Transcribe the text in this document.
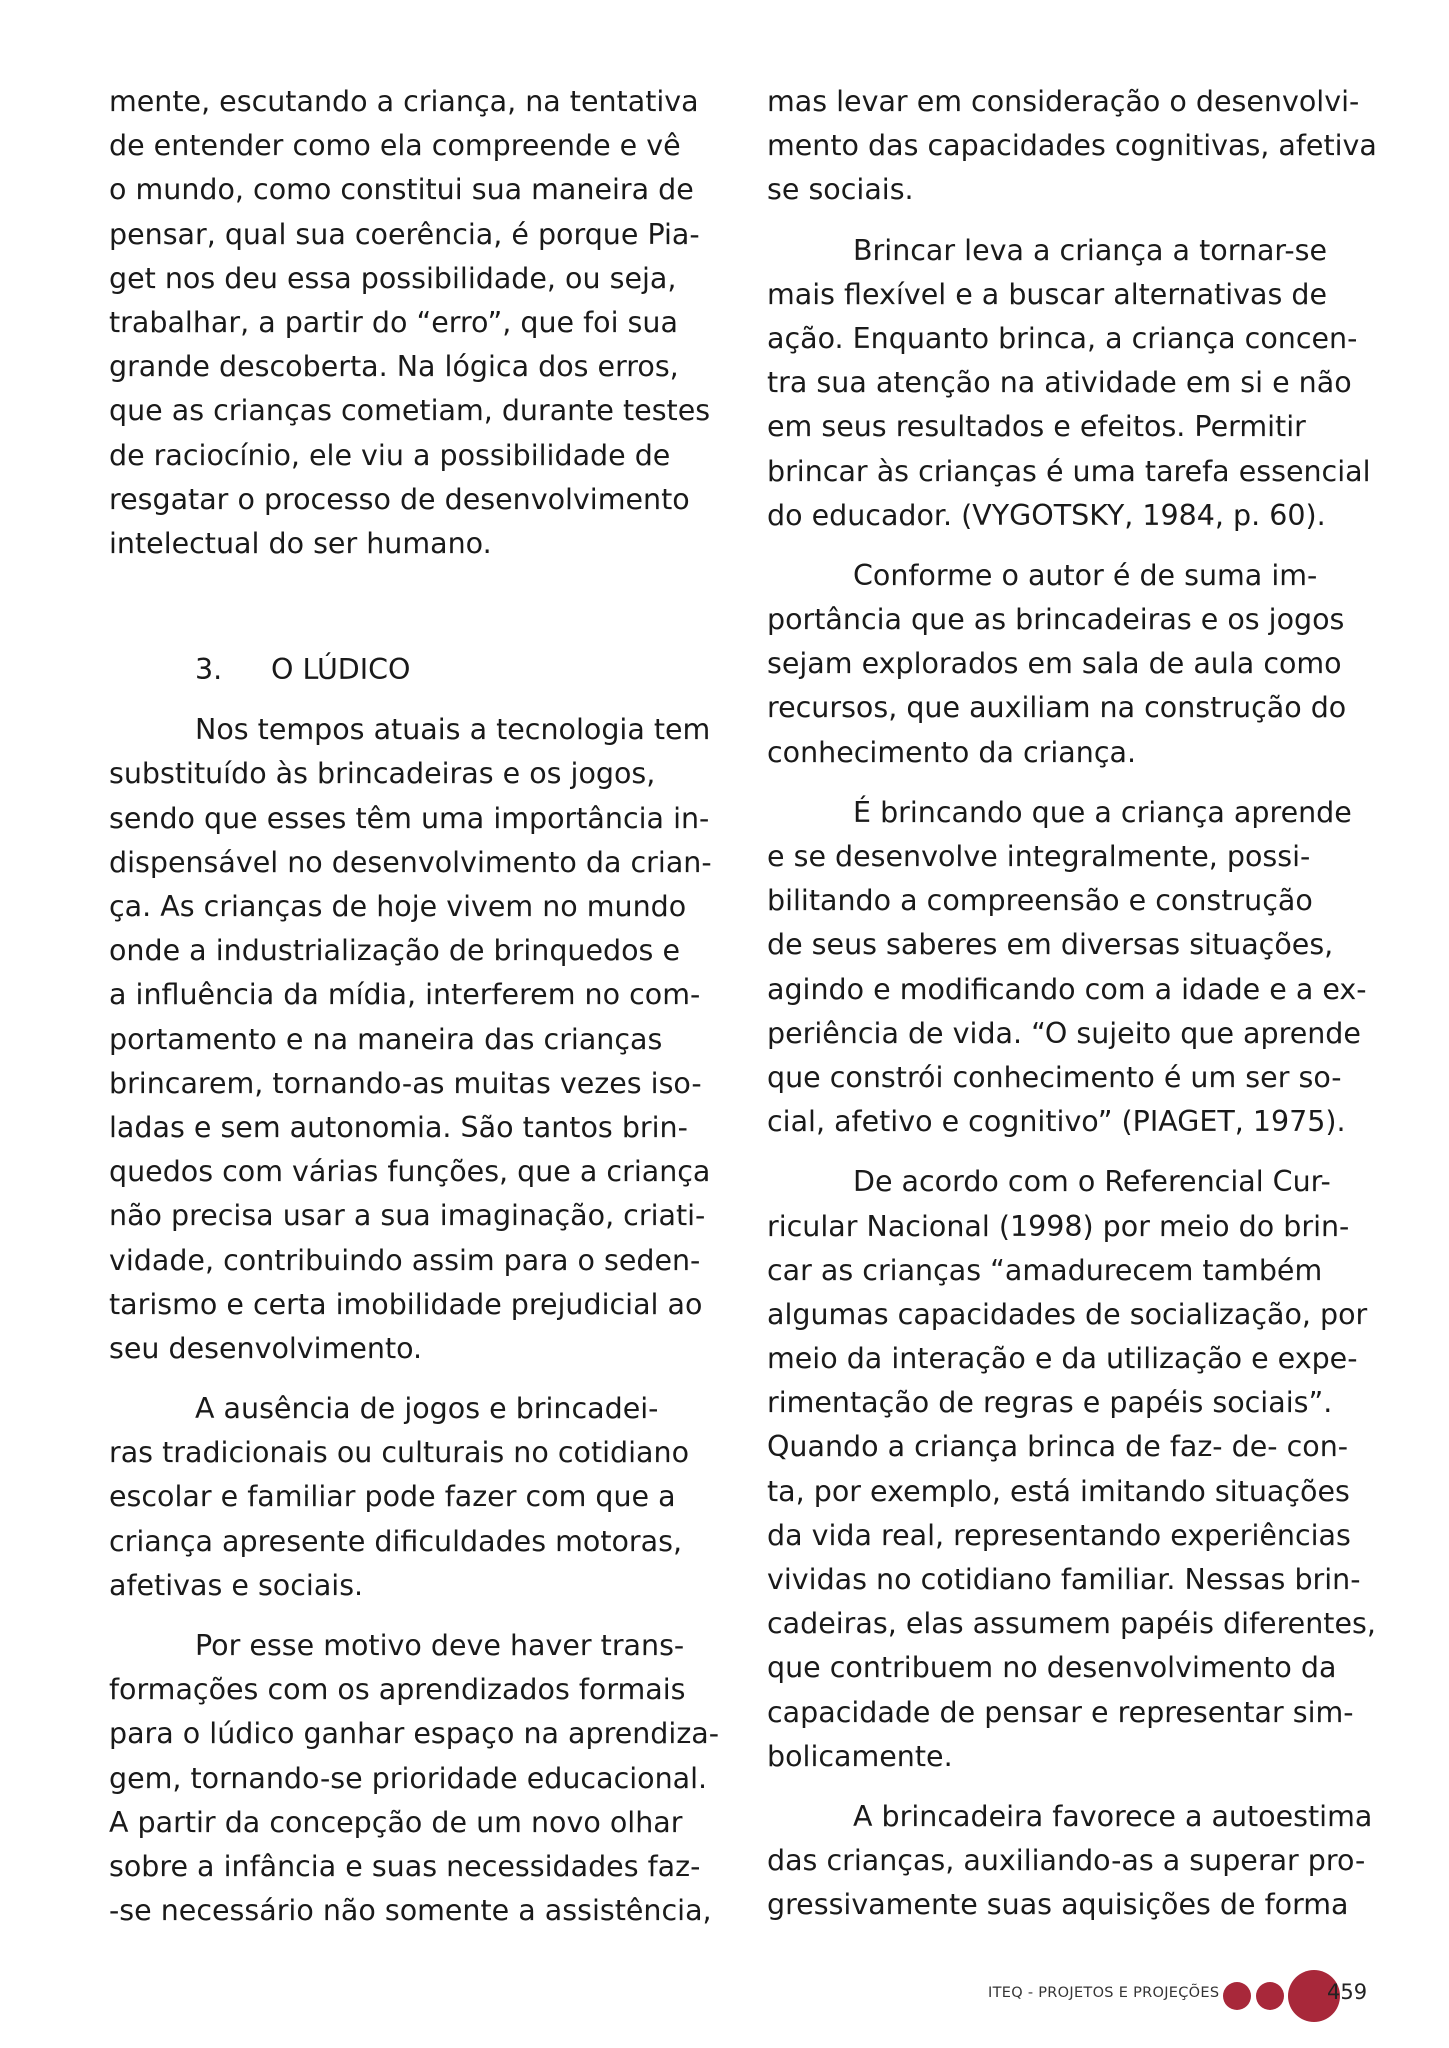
mente, escutando a criança, na tentativa
de entender como ela compreende e vê
o mundo, como constitui sua maneira de
pensar, qual sua coerência, é porque Pia-
get nos deu essa possibilidade, ou seja,
trabalhar, a partir do “erro”, que foi sua
grande descoberta. Na lógica dos erros,
que as crianças cometiam, durante testes
de raciocínio, ele viu a possibilidade de
resgatar o processo de desenvolvimento
intelectual do ser humano.
3. O LÚDICO
Nos tempos atuais a tecnologia tem
substituído às brincadeiras e os jogos,
sendo que esses têm uma importância in-
dispensável no desenvolvimento da crian-
ça. As crianças de hoje vivem no mundo
onde a industrialização de brinquedos e
a influência da mídia, interferem no com-
portamento e na maneira das crianças
brincarem, tornando-as muitas vezes iso-
ladas e sem autonomia. São tantos brin-
quedos com várias funções, que a criança
não precisa usar a sua imaginação, criati-
vidade, contribuindo assim para o seden-
tarismo e certa imobilidade prejudicial ao
seu desenvolvimento.
A ausência de jogos e brincadei-
ras tradicionais ou culturais no cotidiano
escolar e familiar pode fazer com que a
criança apresente dificuldades motoras,
afetivas e sociais.
Por esse motivo deve haver trans-
formações com os aprendizados formais
para o lúdico ganhar espaço na aprendiza-
gem, tornando-se prioridade educacional.
A partir da concepção de um novo olhar
sobre a infância e suas necessidades faz-
-se necessário não somente a assistência,
mas levar em consideração o desenvolvi-
mento das capacidades cognitivas, afetiva
se sociais.
Brincar leva a criança a tornar-se
mais flexível e a buscar alternativas de
ação. Enquanto brinca, a criança concen-
tra sua atenção na atividade em si e não
em seus resultados e efeitos. Permitir
brincar às crianças é uma tarefa essencial
do educador. (VYGOTSKY, 1984, p. 60).
Conforme o autor é de suma im-
portância que as brincadeiras e os jogos
sejam explorados em sala de aula como
recursos, que auxiliam na construção do
conhecimento da criança.
É brincando que a criança aprende
e se desenvolve integralmente, possi-
bilitando a compreensão e construção
de seus saberes em diversas situações,
agindo e modificando com a idade e a ex-
periência de vida. “O sujeito que aprende
que constrói conhecimento é um ser so-
cial, afetivo e cognitivo” (PIAGET, 1975).
De acordo com o Referencial Cur-
ricular Nacional (1998) por meio do brin-
car as crianças “amadurecem também
algumas capacidades de socialização, por
meio da interação e da utilização e expe-
rimentação de regras e papéis sociais”.
Quando a criança brinca de faz- de- con-
ta, por exemplo, está imitando situações
da vida real, representando experiências
vividas no cotidiano familiar. Nessas brin-
cadeiras, elas assumem papéis diferentes,
que contribuem no desenvolvimento da
capacidade de pensar e representar sim-
bolicamente.
A brincadeira favorece a autoestima
das crianças, auxiliando-as a superar pro-
gressivamente suas aquisições de forma
ITEQ - PROJETOS E PROJEÇÕES	459
